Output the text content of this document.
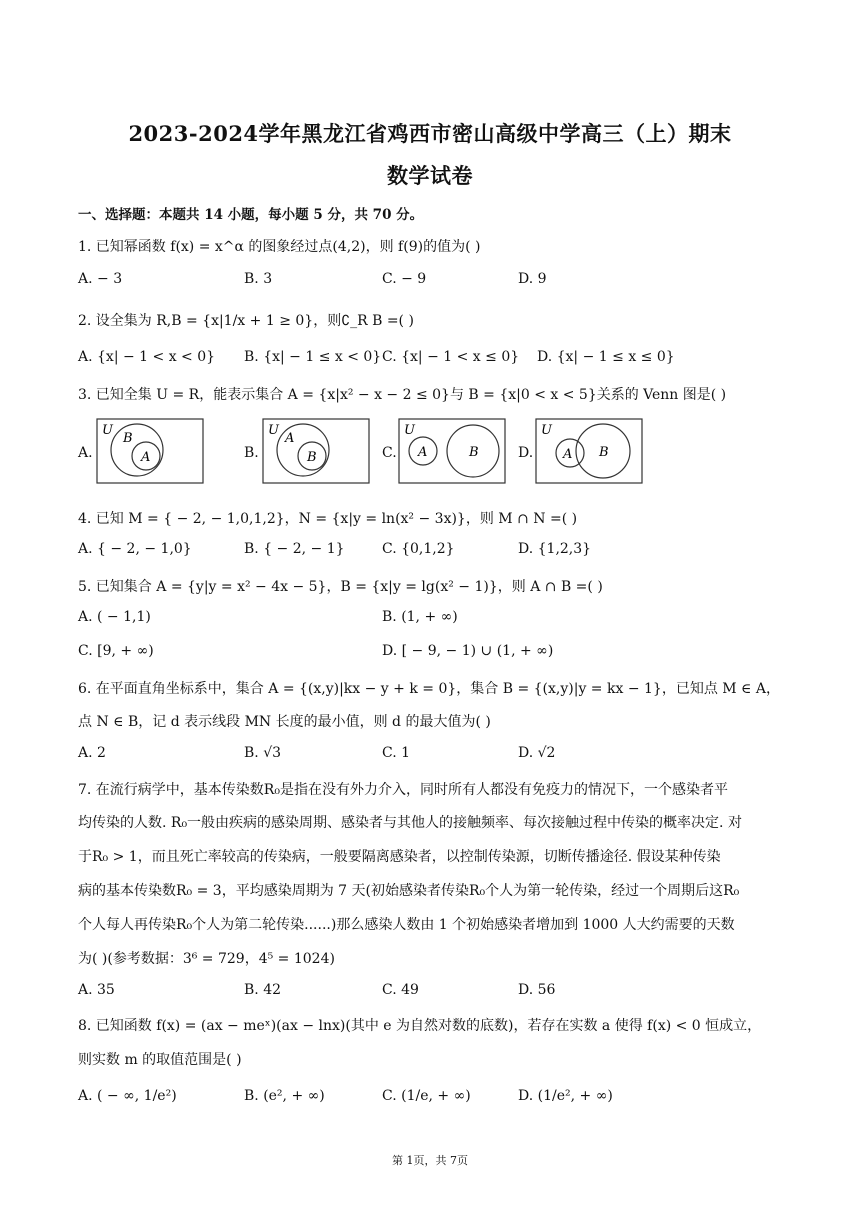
2023-2024学年黑龙江省鸡西市密山高级中学高三（上）期末
数学试卷
一、选择题：本题共 14 小题，每小题 5 分，共 70 分。
1. 已知幂函数 f(x) = x^α 的图象经过点(4,2)，则 f(9)的值为( )
A. − 3	B. 3	C. − 9	D. 9
2. 设全集为 R,B = {x|1/x + 1 ≥ 0}，则∁_R B =( )
A. {x| − 1 < x < 0} B. {x| − 1 ≤ x < 0} C. {x| − 1 < x ≤ 0} D. {x| − 1 ≤ x ≤ 0}
3. 已知全集 U = R，能表示集合 A = {x|x² − x − 2 ≤ 0}与 B = {x|0 < x < 5}关系的 Venn 图是( )
A.
U
B
A	B.
U
A
B	C.
U
A	B	D.
U
A B
4. 已知 M = { − 2, − 1,0,1,2}，N = {x|y = ln(x² − 3x)}，则 M ∩ N =( )
A. { − 2, − 1,0}	B. { − 2, − 1}	C. {0,1,2}	D. {1,2,3}
5. 已知集合 A = {y|y = x² − 4x − 5}，B = {x|y = lg(x² − 1)}，则 A ∩ B =( )
A. ( − 1,1)	B. (1, + ∞)
C. [9, + ∞)	D. [ − 9, − 1) ∪ (1, + ∞)
6. 在平面直角坐标系中，集合 A = {(x,y)|kx − y + k = 0}，集合 B = {(x,y)|y = kx − 1}，已知点 M ∈ A，
点 N ∈ B，记 d 表示线段 MN 长度的最小值，则 d 的最大值为( )
A. 2	B. √3	C. 1	D. √2
7. 在流行病学中，基本传染数R₀是指在没有外力介入，同时所有人都没有免疫力的情况下，一个感染者平
均传染的人数. R₀一般由疾病的感染周期、感染者与其他人的接触频率、每次接触过程中传染的概率决定. 对
于R₀ > 1，而且死亡率较高的传染病，一般要隔离感染者，以控制传染源，切断传播途径. 假设某种传染
病的基本传染数R₀ = 3，平均感染周期为 7 天(初始感染者传染R₀个人为第一轮传染，经过一个周期后这R₀
个人每人再传染R₀个人为第二轮传染......)那么感染人数由 1 个初始感染者增加到 1000 人大约需要的天数
为( )(参考数据：3⁶ = 729，4⁵ = 1024)
A. 35	B. 42	C. 49	D. 56
8. 已知函数 f(x) = (ax − meˣ)(ax − lnx)(其中 e 为自然对数的底数)，若存在实数 a 使得 f(x) < 0 恒成立，
则实数 m 的取值范围是( )
A. ( − ∞, 1/e²)	B. (e², + ∞)	C. (1/e, + ∞)	D. (1/e², + ∞)
第 1页，共 7页
